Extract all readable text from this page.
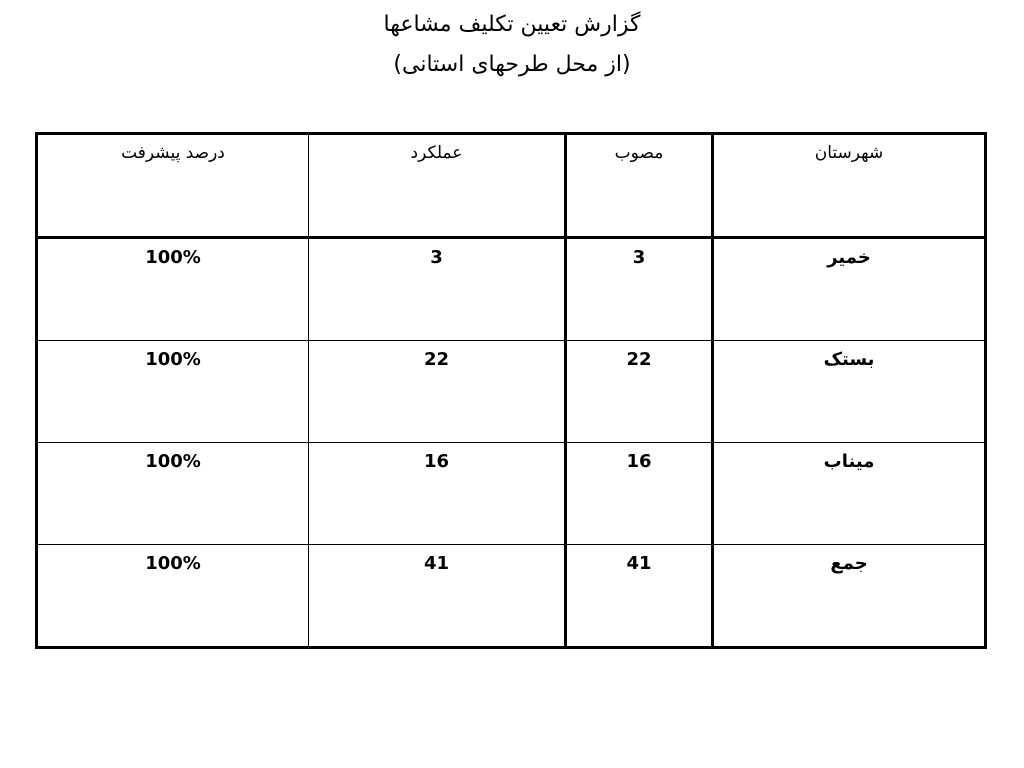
گزارش تعیین تکلیف مشاعها
(از محل طرحهای استانی)
شهرستان	مصوب	عملکرد	درصد پیشرفت
خمیر	3	3	100%
بستک	22	22	100%
میناب	16	16	100%
جمع	41	41	100%
